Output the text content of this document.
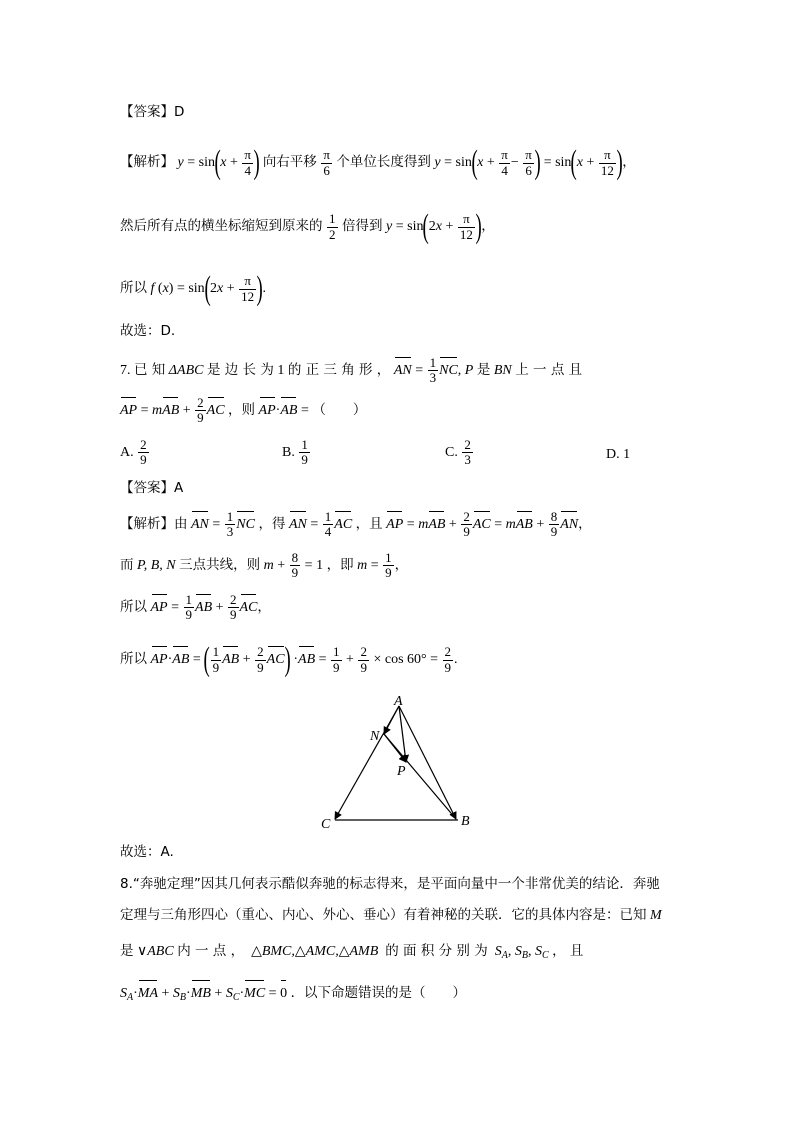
【答案】D
【解析】 $y = \sin(x + \frac{\pi}{4}$ ) 向右平移 $\frac{\pi}{6}$ 个单位长度得到 $y = \sin(x + \frac{\pi}{4} - \frac{\pi}{6}$ ) = $\sin(x + \frac{\pi}{12}$ )，
然后所有点的横坐标缩短到原来的 $\frac{1}{2}$ 倍得到 $y = \sin(2x + \frac{\pi}{12}$ )，
所以 f $(x) = \sin(2x + \frac{\pi}{12}$ ).
故选：D.
7. 已 知 ΔABC 是 边 长 为 1 的 正 三 角 形 ， AN = $\frac{1}{3}$ NC, P 是 BN 上 一 点 且
AP = mAB + $\frac{2}{9}$ AC ，则 AP·AB = （　　）
A. $\frac{2}{9}$	B. $\frac{1}{9}$	C. $\frac{2}{3}$	D. 1
【答案】A
【解析】由 AN = $\frac{1}{3}$ NC ，得 AN = $\frac{1}{4}$ AC ，且 AP = mAB + $\frac{2}{9}$ AC = mAB + $\frac{8}{9}$ AN，
而 P, B, N 三点共线，则 $m + \frac{8}{9} = 1$ ，即 $m = \frac{1}{9}$ ，
所以 AP = $\frac{1}{9}$ AB + $\frac{2}{9}$ AC，
所以 AP·AB = ( $\frac{1}{9}$ AB + $\frac{2}{9} AC) \cdot AB = \frac{1}{9} + \frac{2}{9} \times \cos 60^\circ = \frac{2}{9}$ .
A
N
P
C	B
故选：A.
8.“奔驰定理”因其几何表示酷似奔驰的标志得来，是平面向量中一个非常优美的结论．奔驰
定理与三角形四心（重心、内心、外心、垂心）有着神秘的关联．它的具体内容是：已知 M
是 ∨ABC 内 一 点 ， △BMC,△AMC,△AMB 的 面 积 分 别 为 $S_A$, $S_B$, $S_C$ ， 且
$S_A\cdot MA + S_B\cdot MB + S_C\cdot MC = 0$ ．以下命题错误的是（　　）
